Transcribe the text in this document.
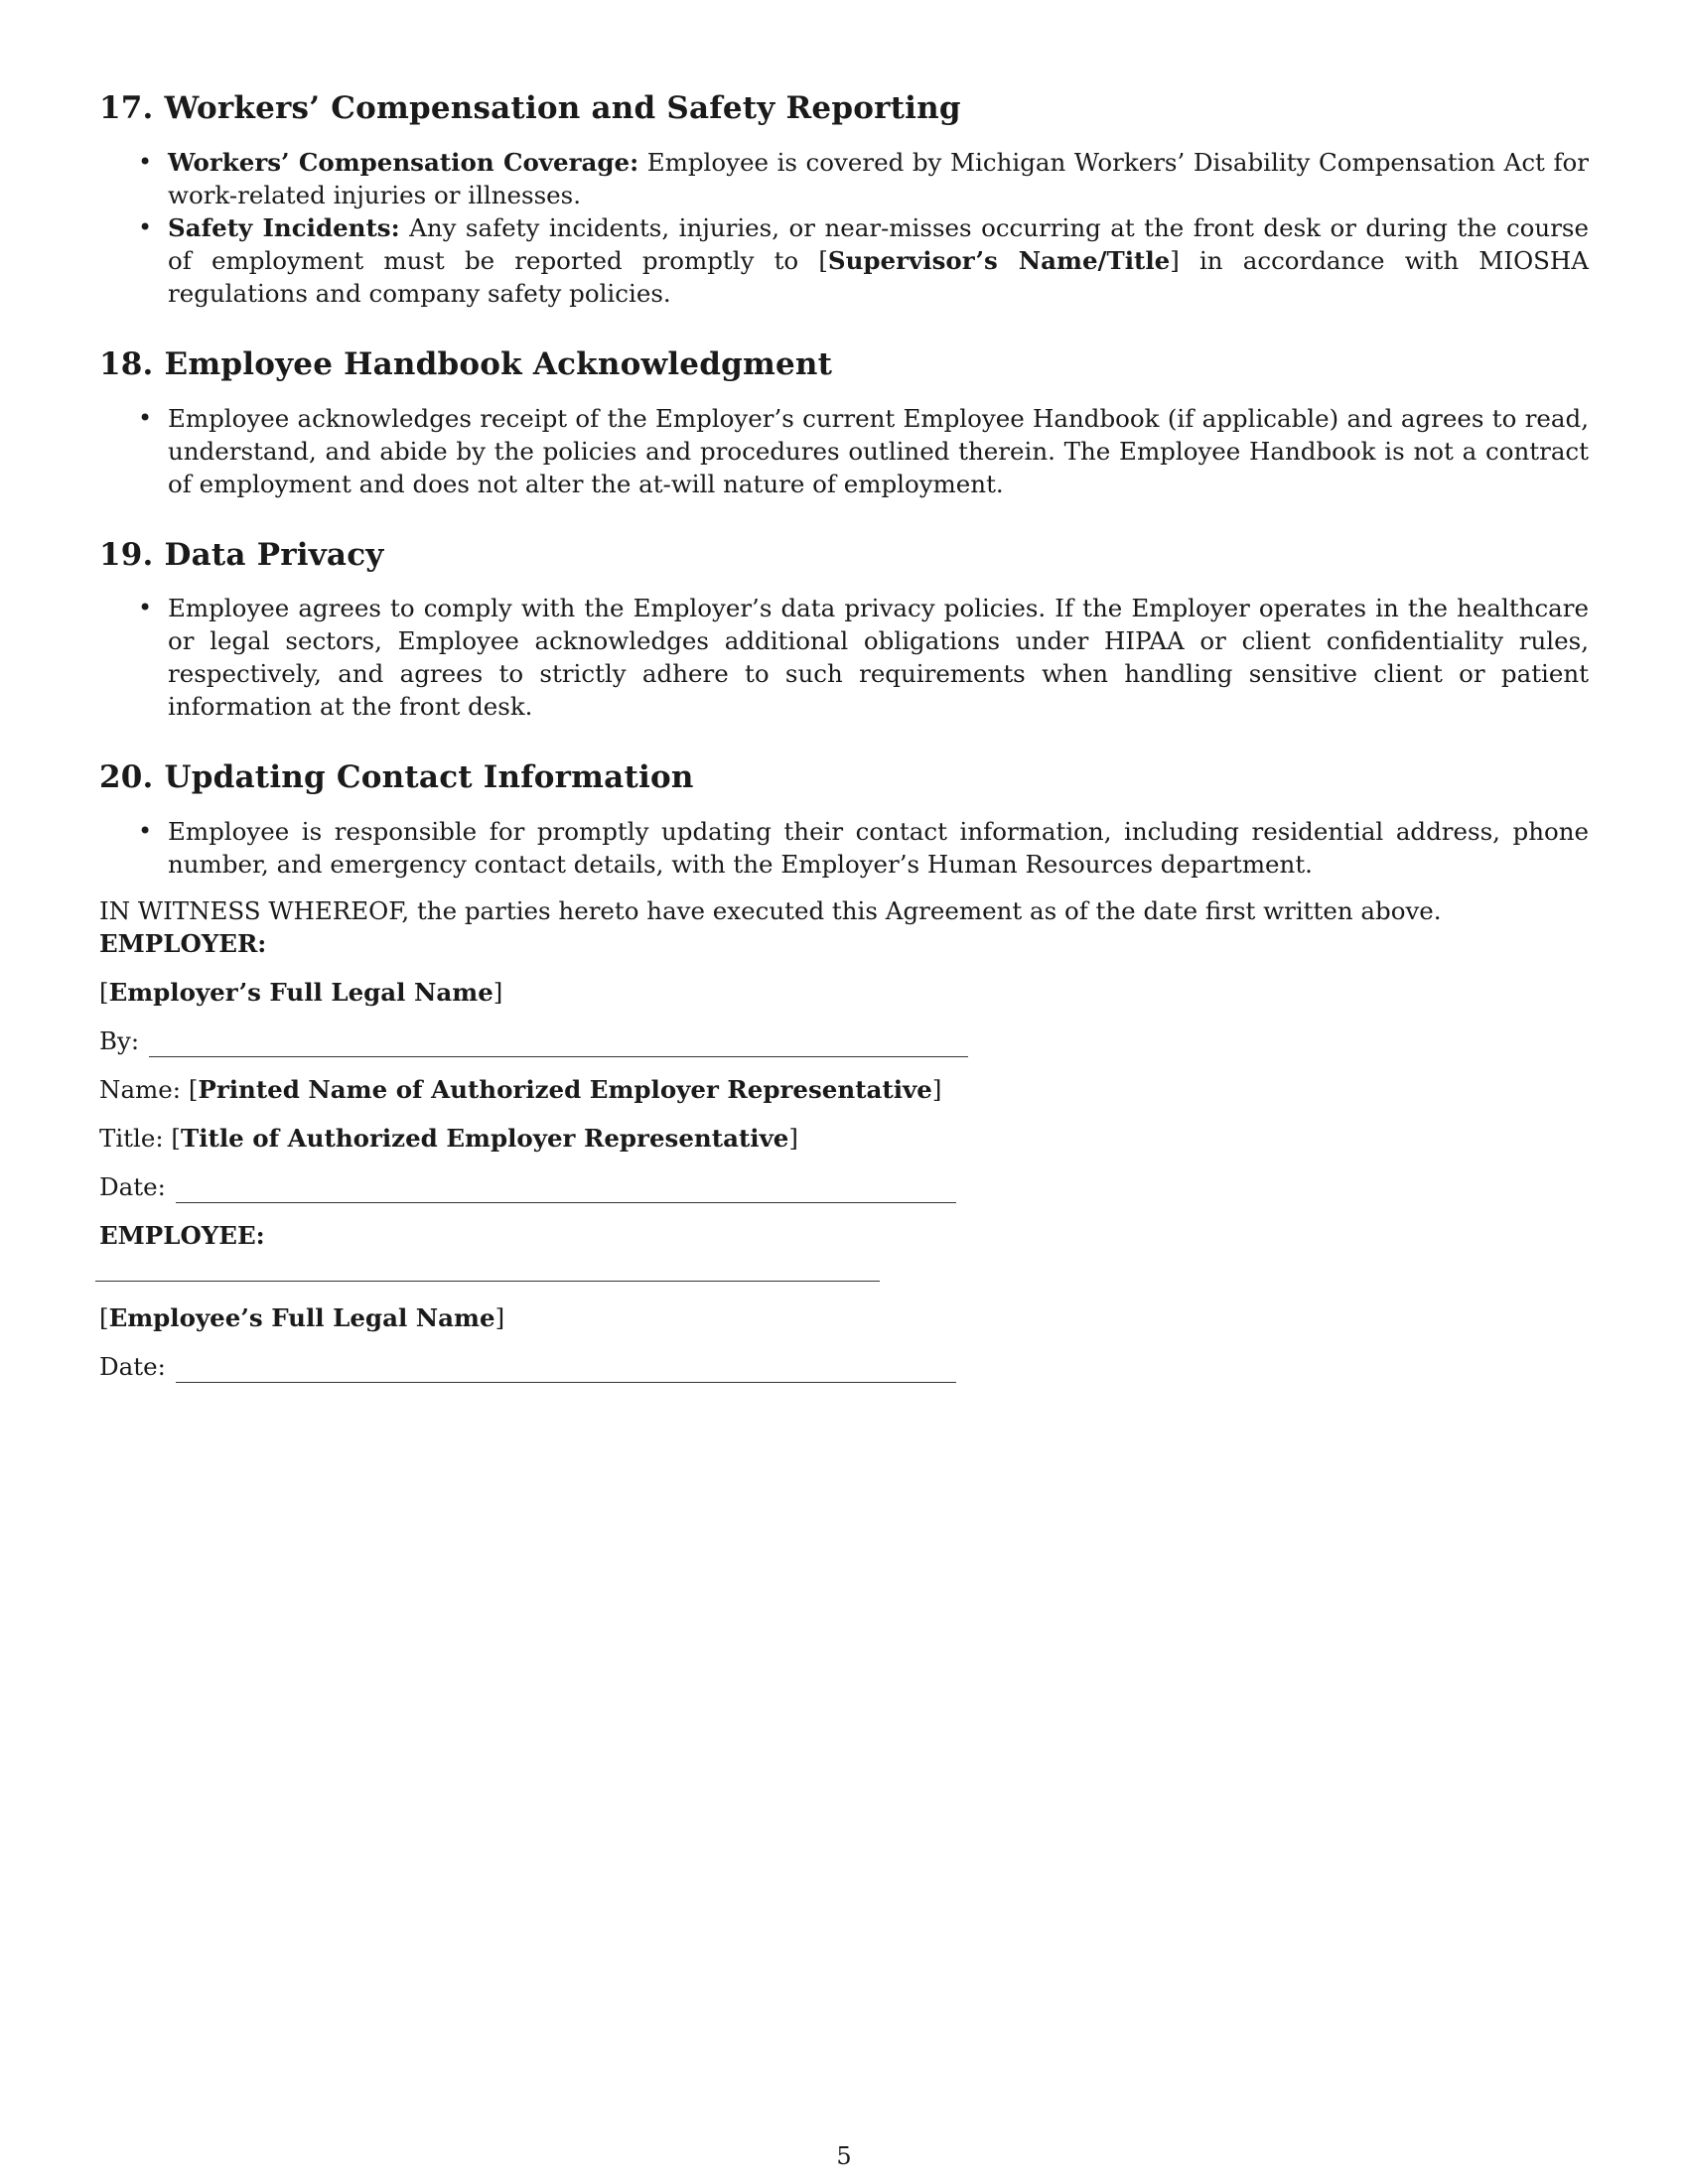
17. Workers’ Compensation and Safety Reporting
• Workers’ Compensation Coverage: Employee is covered by Michigan Workers’ Disability Compensation Act for work-related injuries or illnesses.
• Safety Incidents: Any safety incidents, injuries, or near-misses occurring at the front desk or during the course of employment must be reported promptly to [Supervisor’s Name/Title] in accordance with MIOSHA regulations and company safety policies.
18. Employee Handbook Acknowledgment
• Employee acknowledges receipt of the Employer’s current Employee Handbook (if applicable) and agrees to read, understand, and abide by the policies and procedures outlined therein. The Employee Handbook is not a contract of employment and does not alter the at-will nature of employment.
19. Data Privacy
• Employee agrees to comply with the Employer’s data privacy policies. If the Employer operates in the healthcare or legal sectors, Employee acknowledges additional obligations under HIPAA or client confidentiality rules, respectively, and agrees to strictly adhere to such requirements when handling sensitive client or patient information at the front desk.
20. Updating Contact Information
• Employee is responsible for promptly updating their contact information, including residential address, phone number, and emergency contact details, with the Employer’s Human Resources department.

IN WITNESS WHEREOF, the parties hereto have executed this Agreement as of the date first written above.

EMPLOYER:

[Employer’s Full Legal Name]

By:

Name: [Printed Name of Authorized Employer Representative]

Title: [Title of Authorized Employer Representative]

Date:

EMPLOYEE:

[Employee’s Full Legal Name]

Date:
5
